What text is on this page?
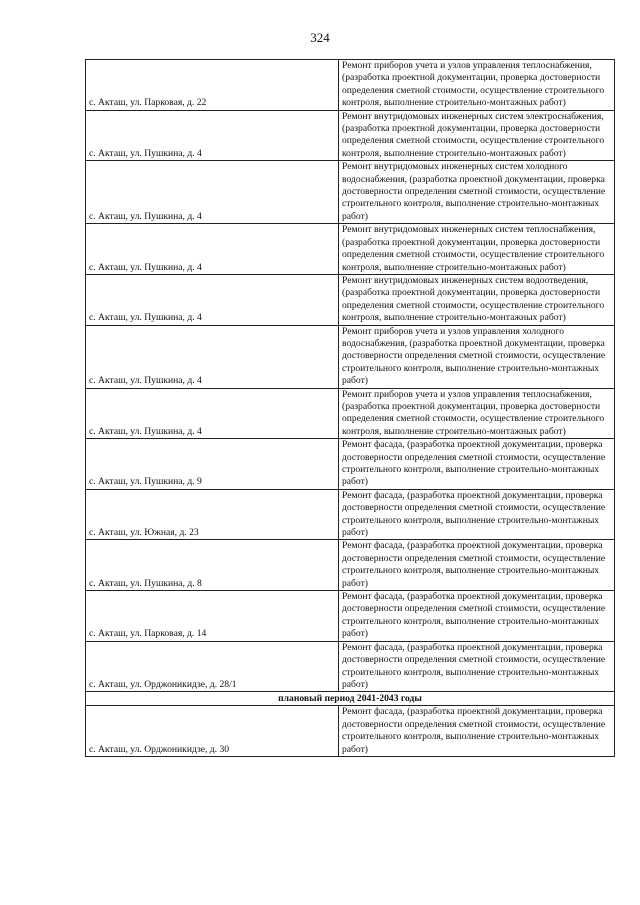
324
с. Акташ, ул. Парковая, д. 22	Ремонт приборов учета и узлов управления теплоснабжения, (разработка проектной документации, проверка достоверности определения сметной стоимости, осуществление строительного контроля, выполнение строительно-монтажных работ)
с. Акташ, ул. Пушкина, д. 4	Ремонт внутридомовых инженерных систем электроснабжения, (разработка проектной документации, проверка достоверности определения сметной стоимости, осуществление строительного контроля, выполнение строительно-монтажных работ)
с. Акташ, ул. Пушкина, д. 4	Ремонт внутридомовых инженерных систем холодного водоснабжения, (разработка проектной документации, проверка достоверности определения сметной стоимости, осуществление строительного контроля, выполнение строительно-монтажных работ)
с. Акташ, ул. Пушкина, д. 4	Ремонт внутридомовых инженерных систем теплоснабжения, (разработка проектной документации, проверка достоверности определения сметной стоимости, осуществление строительного контроля, выполнение строительно-монтажных работ)
с. Акташ, ул. Пушкина, д. 4	Ремонт внутридомовых инженерных систем водоотведения, (разработка проектной документации, проверка достоверности определения сметной стоимости, осуществление строительного контроля, выполнение строительно-монтажных работ)
с. Акташ, ул. Пушкина, д. 4	Ремонт приборов учета и узлов управления холодного водоснабжения, (разработка проектной документации, проверка достоверности определения сметной стоимости, осуществление строительного контроля, выполнение строительно-монтажных работ)
с. Акташ, ул. Пушкина, д. 4	Ремонт приборов учета и узлов управления теплоснабжения, (разработка проектной документации, проверка достоверности определения сметной стоимости, осуществление строительного контроля, выполнение строительно-монтажных работ)
с. Акташ, ул. Пушкина, д. 9	Ремонт фасада, (разработка проектной документации, проверка достоверности определения сметной стоимости, осуществление строительного контроля, выполнение строительно-монтажных работ)
с. Акташ, ул. Южная, д. 23	Ремонт фасада, (разработка проектной документации, проверка достоверности определения сметной стоимости, осуществление строительного контроля, выполнение строительно-монтажных работ)
с. Акташ, ул. Пушкина, д. 8	Ремонт фасада, (разработка проектной документации, проверка достоверности определения сметной стоимости, осуществление строительного контроля, выполнение строительно-монтажных работ)
с. Акташ, ул. Парковая, д. 14	Ремонт фасада, (разработка проектной документации, проверка достоверности определения сметной стоимости, осуществление строительного контроля, выполнение строительно-монтажных работ)
с. Акташ, ул. Орджоникидзе, д. 28/1	Ремонт фасада, (разработка проектной документации, проверка достоверности определения сметной стоимости, осуществление строительного контроля, выполнение строительно-монтажных работ)
плановый период 2041-2043 годы	
с. Акташ, ул. Орджоникидзе, д. 30	Ремонт фасада, (разработка проектной документации, проверка достоверности определения сметной стоимости, осуществление строительного контроля, выполнение строительно-монтажных работ)
